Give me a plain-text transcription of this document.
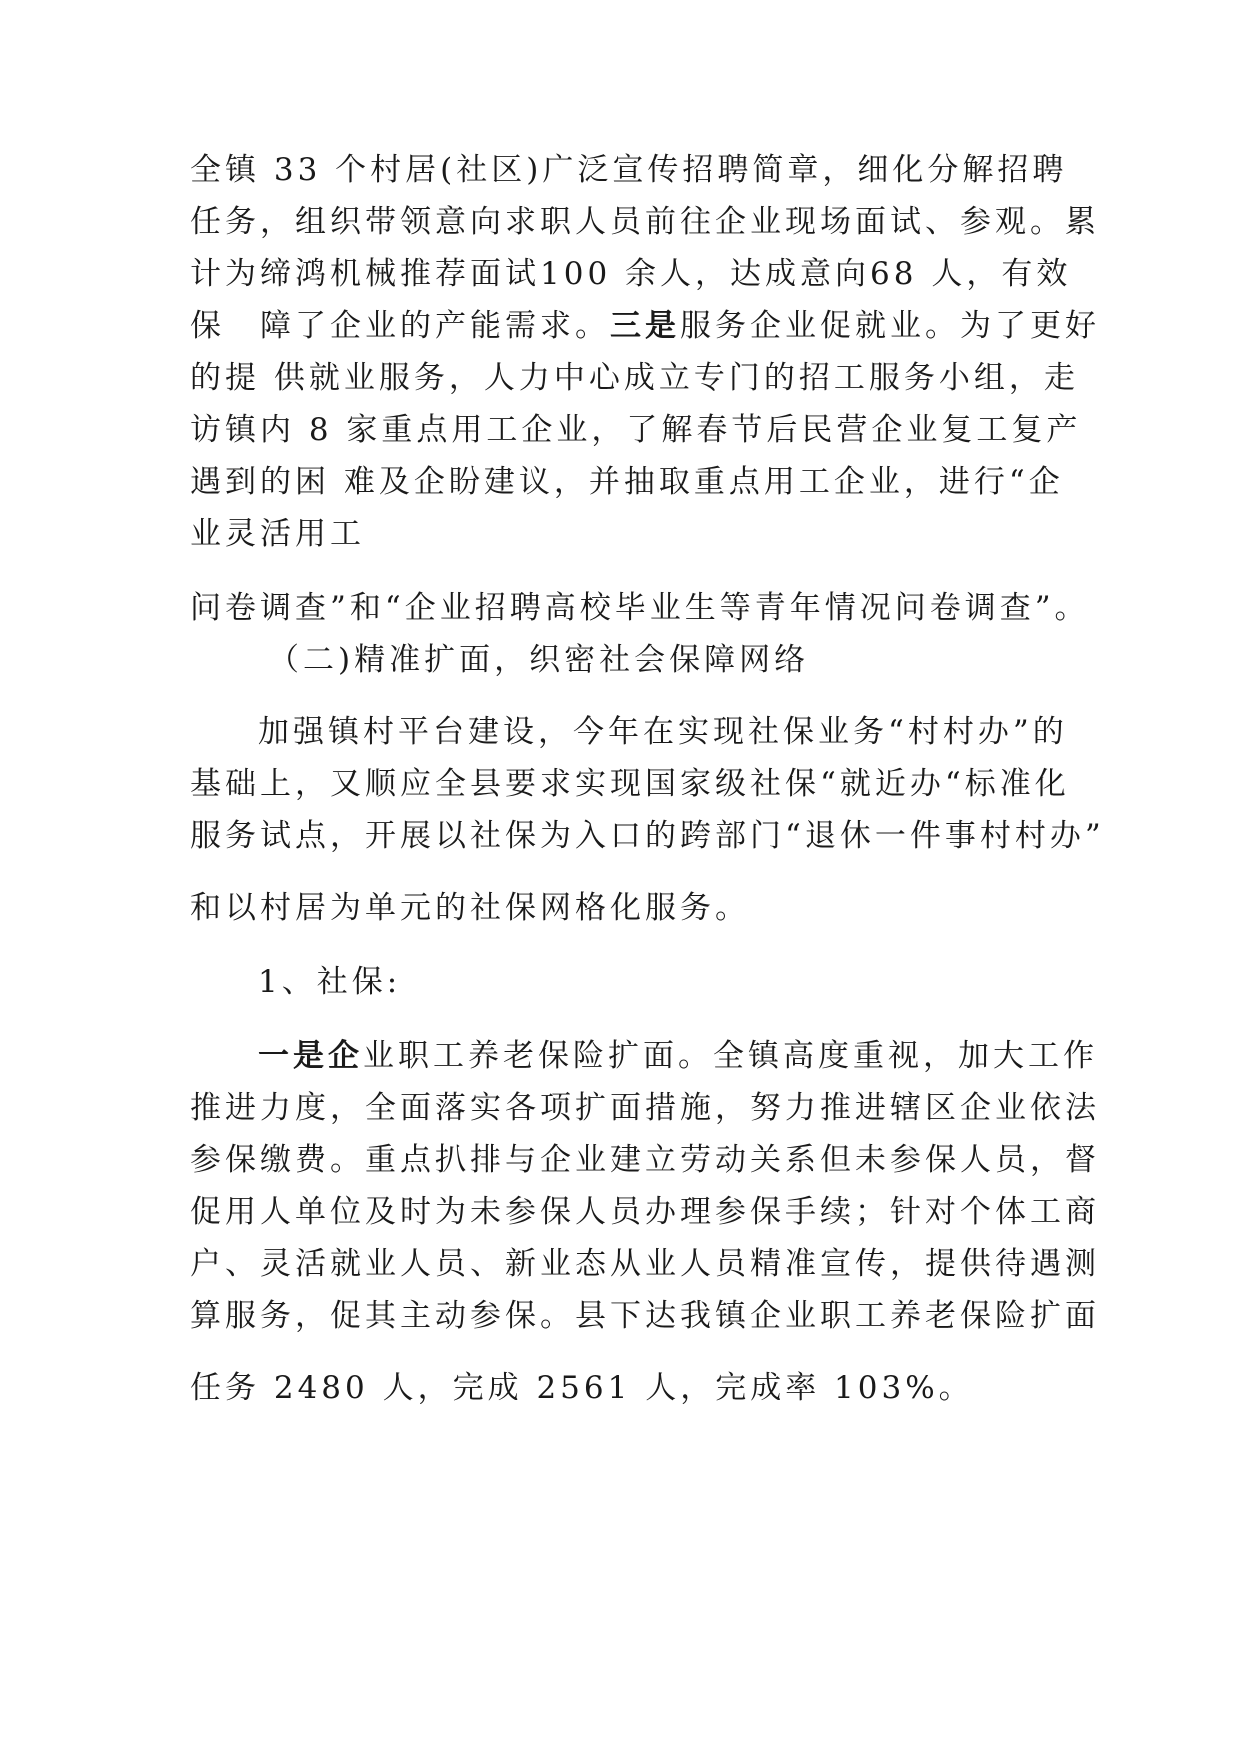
全镇 33 个村居(社区)广泛宣传招聘简章，细化分解招聘

任务，组织带领意向求职人员前往企业现场面试、参观。累

计为缔鸿机械推荐面试100 余人，达成意向68 人，有效

保　障了企业的产能需求。三是服务企业促就业。为了更好

的提 供就业服务，人力中心成立专门的招工服务小组，走

访镇内 8 家重点用工企业，了解春节后民营企业复工复产

遇到的困 难及企盼建议，并抽取重点用工企业，进行“企

业灵活用工

问卷调查”和“企业招聘高校毕业生等青年情况问卷调查”。

（二)精准扩面，织密社会保障网络

加强镇村平台建设，今年在实现社保业务“村村办”的

基础上，又顺应全县要求实现国家级社保“就近办“标准化

服务试点，开展以社保为入口的跨部门“退休一件事村村办”

和以村居为单元的社保网格化服务。

1、社保:

一是企业职工养老保险扩面。全镇高度重视，加大工作

推进力度，全面落实各项扩面措施，努力推进辖区企业依法

参保缴费。重点扒排与企业建立劳动关系但未参保人员，督

促用人单位及时为未参保人员办理参保手续；针对个体工商

户、灵活就业人员、新业态从业人员精准宣传，提供待遇测

算服务，促其主动参保。县下达我镇企业职工养老保险扩面

任务 2480 人，完成 2561 人，完成率 103%。
